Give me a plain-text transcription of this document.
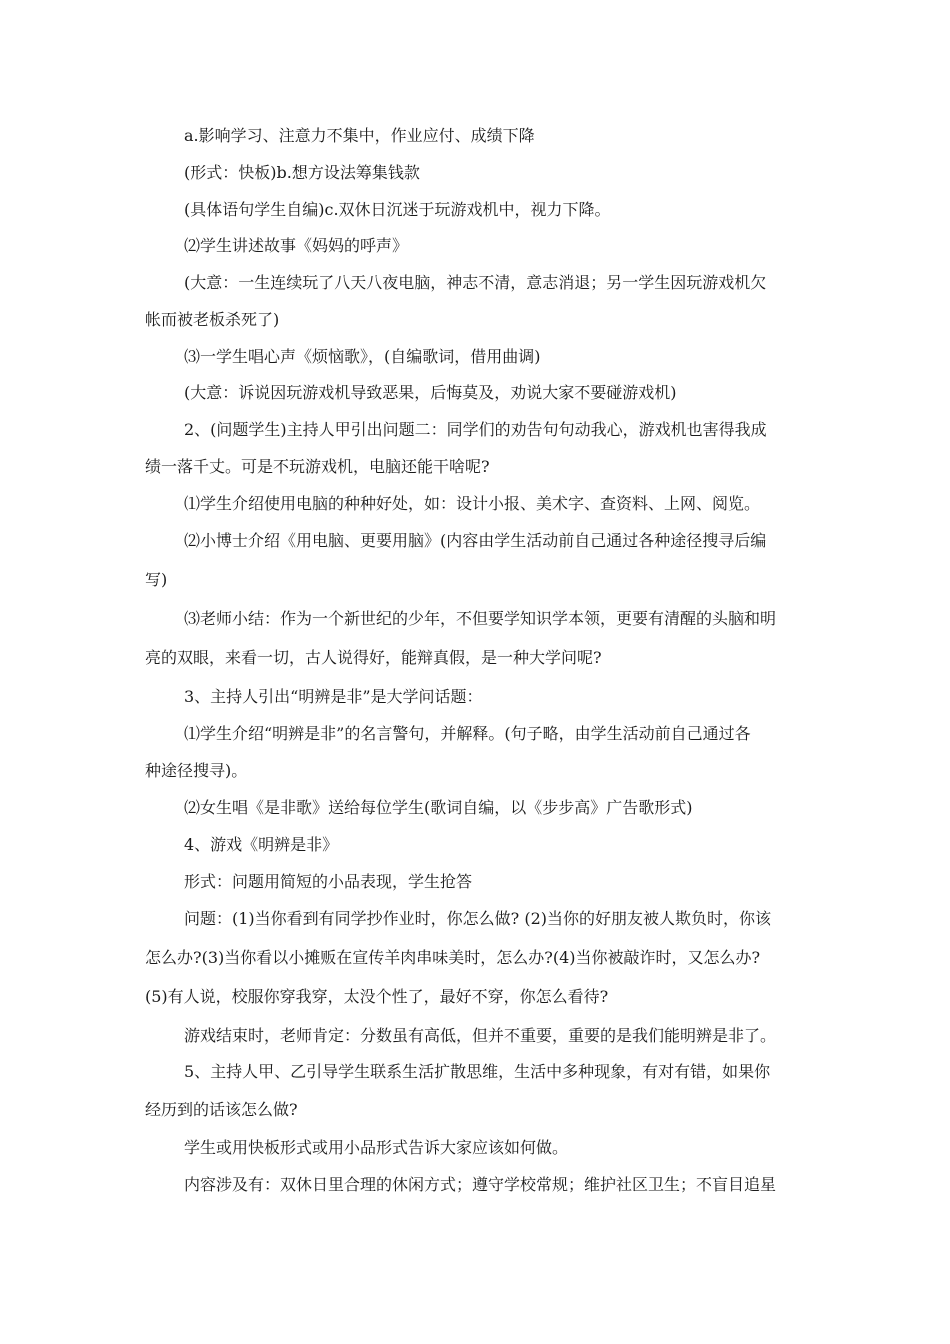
a.影响学习、注意力不集中，作业应付、成绩下降
(形式：快板)b.想方设法筹集钱款
(具体语句学生自编)c.双休日沉迷于玩游戏机中，视力下降。
⑵学生讲述故事《妈妈的呼声》
(大意：一生连续玩了八天八夜电脑，神志不清，意志消退；另一学生因玩游戏机欠
帐而被老板杀死了)
⑶一学生唱心声《烦恼歌》，(自编歌词，借用曲调)
(大意：诉说因玩游戏机导致恶果，后悔莫及，劝说大家不要碰游戏机)
2、(问题学生)主持人甲引出问题二：同学们的劝告句句动我心，游戏机也害得我成
绩一落千丈。可是不玩游戏机，电脑还能干啥呢?
⑴学生介绍使用电脑的种种好处，如：设计小报、美术字、查资料、上网、阅览。
⑵小博士介绍《用电脑、更要用脑》(内容由学生活动前自己通过各种途径搜寻后编
写)
⑶老师小结：作为一个新世纪的少年，不但要学知识学本领，更要有清醒的头脑和明
亮的双眼，来看一切，古人说得好，能辩真假，是一种大学问呢?
3、主持人引出“明辨是非”是大学问话题：
⑴学生介绍“明辨是非”的名言警句，并解释。(句子略，由学生活动前自己通过各
种途径搜寻)。
⑵女生唱《是非歌》送给每位学生(歌词自编，以《步步高》广告歌形式)
4、游戏《明辨是非》
形式：问题用简短的小品表现，学生抢答
问题：(1)当你看到有同学抄作业时，你怎么做? (2)当你的好朋友被人欺负时，你该
怎么办?(3)当你看以小摊贩在宣传羊肉串味美时，怎么办?(4)当你被敲诈时，又怎么办?
(5)有人说，校服你穿我穿，太没个性了，最好不穿，你怎么看待?
游戏结束时，老师肯定：分数虽有高低，但并不重要，重要的是我们能明辨是非了。
5、主持人甲、乙引导学生联系生活扩散思维，生活中多种现象，有对有错，如果你
经历到的话该怎么做?
学生或用快板形式或用小品形式告诉大家应该如何做。
内容涉及有：双休日里合理的休闲方式；遵守学校常规；维护社区卫生；不盲目追星
